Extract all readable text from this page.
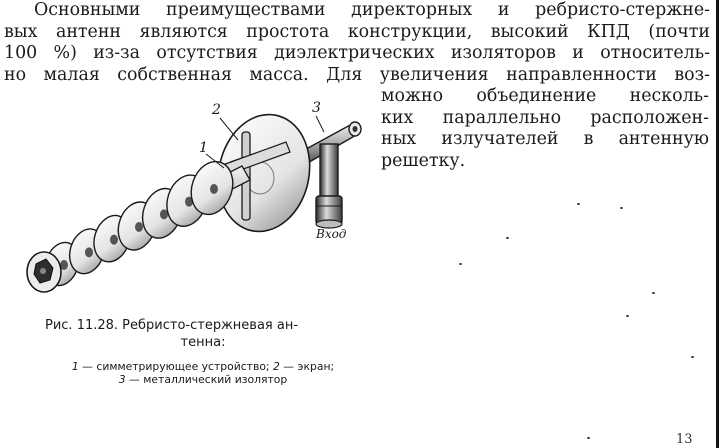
Основными преимуществами директорных и ребристо-стержне-
вых антенн являются простота конструкции, высокий КПД (почти
100 %) из-за отсутствия диэлектрических изоляторов и относитель-
но малая собственная масса. Для увеличения направленности воз-
можно объединение несколь-
ких параллельно расположен-
ных излучателей в антенную
решетку.
1
2	3
Вход
Рис. 11.28. Ребристо-стержневая ан-
тенна:
1 — симметрирующее устройство; 2 — экран;
3 — металлический изолятор
13
